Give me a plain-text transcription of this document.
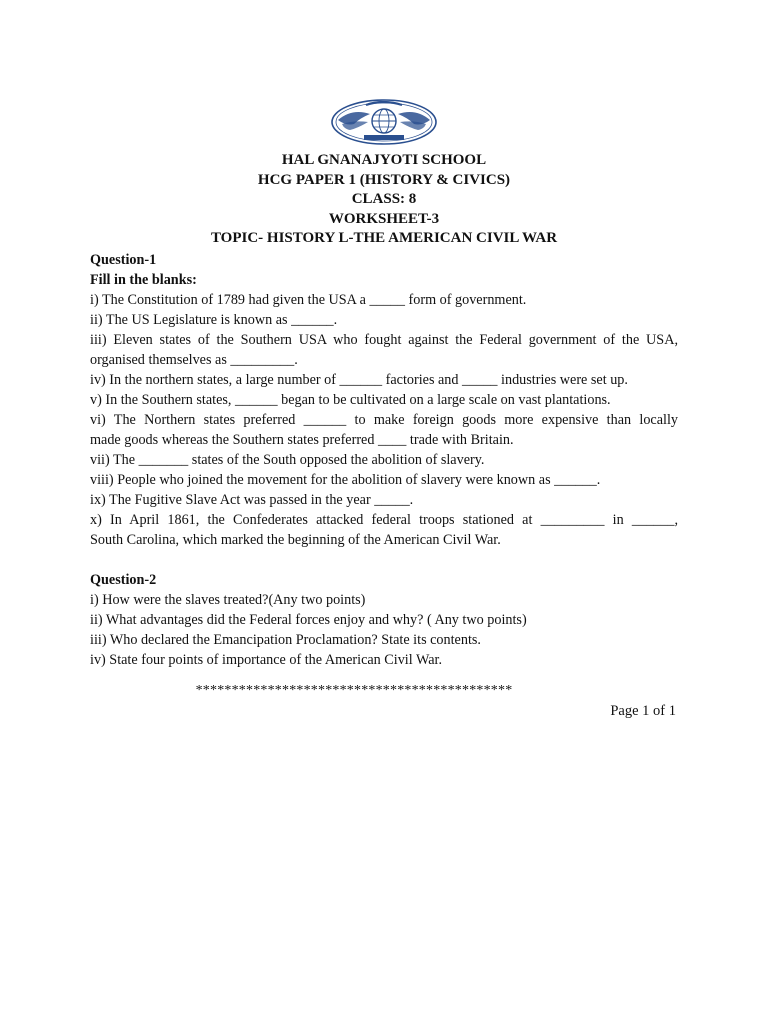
HAL GNANAJYOTI SCHOOL
HCG PAPER 1 (HISTORY & CIVICS)
CLASS: 8
WORKSHEET-3
TOPIC- HISTORY L-THE AMERICAN CIVIL WAR
Question-1
Fill in the blanks:
i) The Constitution of 1789 had given the USA a _____ form of government.
ii) The US Legislature is known as ______.
iii) Eleven states of the Southern USA who fought against the Federal government of the USA,
organised themselves as _________.
iv) In the northern states, a large number of ______ factories and _____ industries were set up.
v) In the Southern states, ______ began to be cultivated on a large scale on vast plantations.
vi) The Northern states preferred ______ to make foreign goods more expensive than locally
made goods whereas the Southern states preferred ____ trade with Britain.
vii) The _______ states of the South opposed the abolition of slavery.
viii) People who joined the movement for the abolition of slavery were known as ______.
ix) The Fugitive Slave Act was passed in the year _____.
x) In April 1861, the Confederates attacked federal troops stationed at _________ in ______,
South Carolina, which marked the beginning of the American Civil War.
Question-2
i) How were the slaves treated?(Any two points)
ii) What advantages did the Federal forces enjoy and why? ( Any two points)
iii) Who declared the Emancipation Proclamation? State its contents.
iv) State four points of importance of the American Civil War.
********************************************
Page 1 of 1
